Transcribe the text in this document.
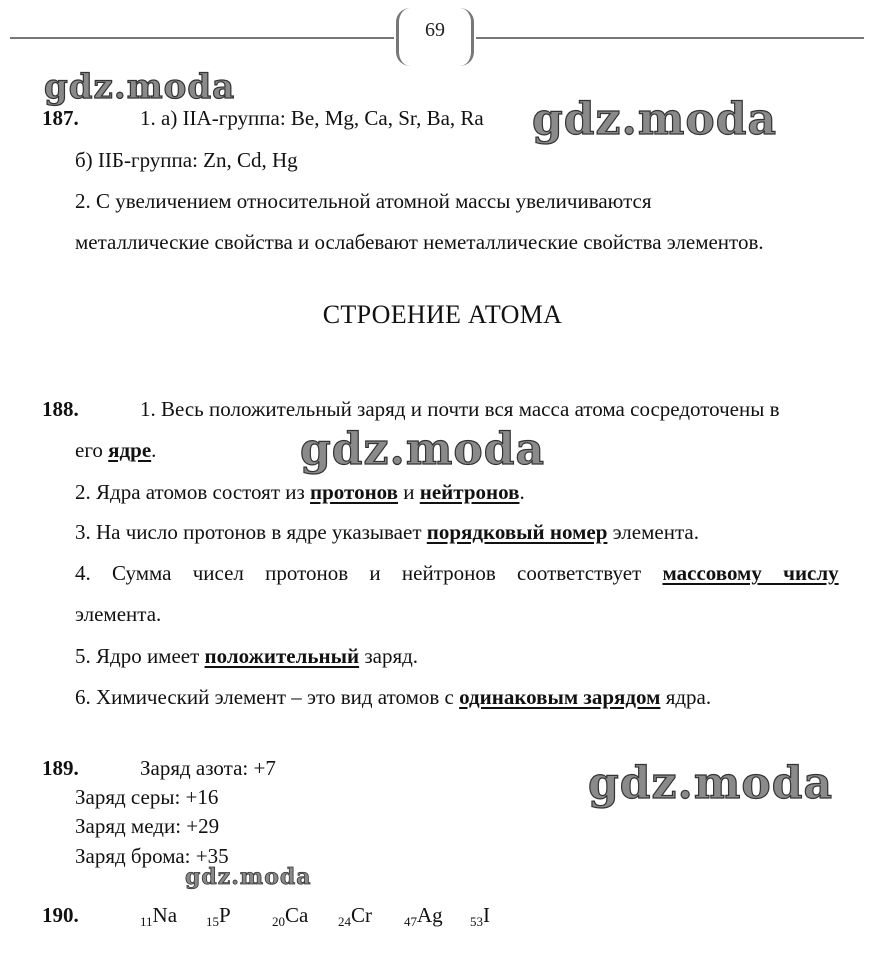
69
gdz.moda
gdz.moda
gdz.moda
gdz.moda
gdz.moda
187.	1. а) IIA-группа: Be, Mg, Ca, Sr, Ba, Ra
б) IIБ-группа: Zn, Cd, Hg
2. С увеличением относительной атомной массы увеличиваются
металлические свойства и ослабевают неметаллические свойства элементов.
СТРОЕНИЕ АТОМА
188.	1. Весь положительный заряд и почти вся масса атома сосредоточены в
его ядре.
2. Ядра атомов состоят из протонов и нейтронов.
3. На число протонов в ядре указывает порядковый номер элемента.
4. Сумма чисел протонов и нейтронов соответствует массовому числу
элемента.
5. Ядро имеет положительный заряд.
6. Химический элемент – это вид атомов с одинаковым зарядом ядра.
189.	Заряд азота: +7
Заряд серы: +16
Заряд меди: +29
Заряд брома: +35
190.	$_{11}$Na $_{15}$P	$_{20}$Ca $_{24}$Cr $_{47}$Ag $_{53}$I
